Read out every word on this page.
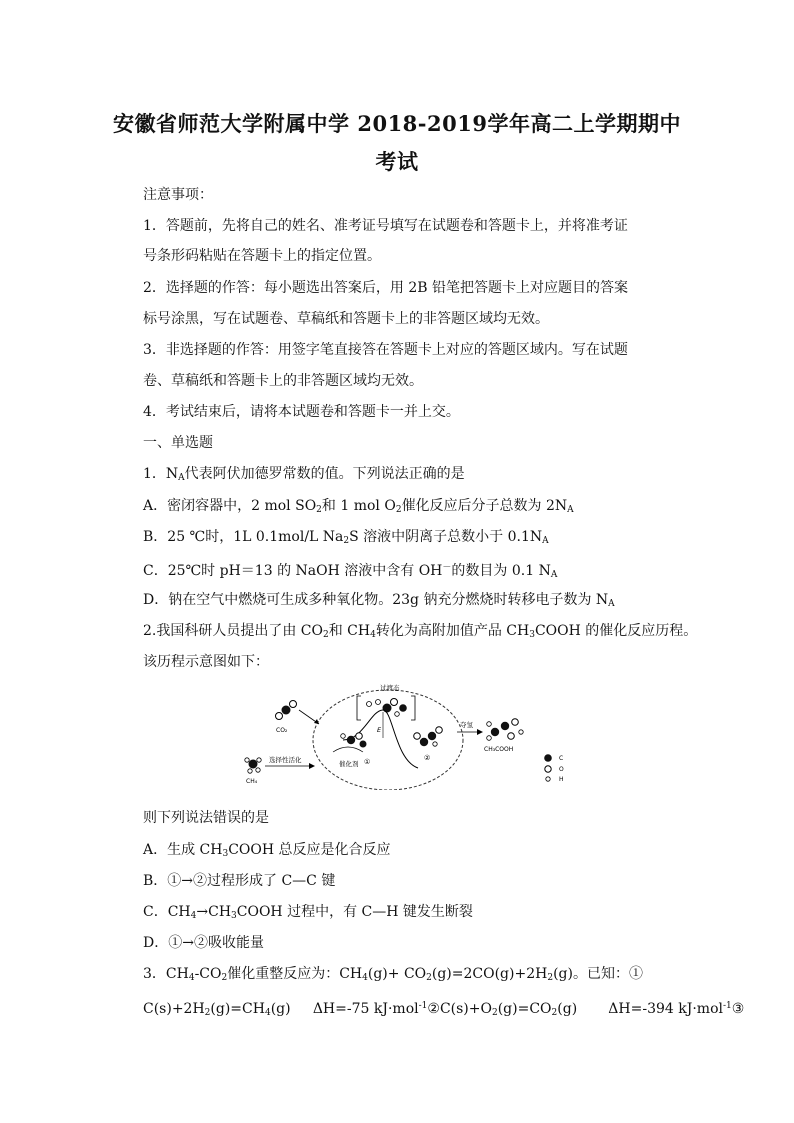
安徽省师范大学附属中学 2018-2019学年高二上学期期中
考试
注意事项：
1．答题前，先将自己的姓名、准考证号填写在试题卷和答题卡上，并将准考证
号条形码粘贴在答题卡上的指定位置。
2．选择题的作答：每小题选出答案后，用 2B 铅笔把答题卡上对应题目的答案
标号涂黑，写在试题卷、草稿纸和答题卡上的非答题区域均无效。
3．非选择题的作答：用签字笔直接答在答题卡上对应的答题区域内。写在试题
卷、草稿纸和答题卡上的非答题区域均无效。
4．考试结束后，请将本试题卷和答题卡一并上交。
一、单选题
1．$N_A$代表阿伏加德罗常数的值。下列说法正确的是
A．密闭容器中，2 mol $SO_2$和 1 mol $O_2$催化反应后分子总数为 $2N_A$
B．25 ℃时，1L 0.1mol/L $Na_2S$ 溶液中阴离子总数小于 $0.1N_A$
C．25℃时 pH＝13 的 NaOH 溶液中含有 OH－的数目为 0.1 $N_A$
D．钠在空气中燃烧可生成多种氧化物。23g 钠充分燃烧时转移电子数为 $N_A$
2.我国科研人员提出了由 $CO_2$和 $CH_4$转化为高附加值产品 $CH_3COOH$ 的催化反应历程。
该历程示意图如下：
CO₂
CH₄
选择性活化
过渡态
E
催化剂 ①	②
夺氢
CH₃COOH
C
O
H
则下列说法错误的是
A．生成 $CH_3COOH$ 总反应是化合反应
B．①→②过程形成了 C—C 键
C．$CH_4\to CH_3COOH$ 过程中，有 C—H 键发生断裂
D．①→②吸收能量
3．$CH_4-CO_2$催化重整反应为：$CH_4(g)+ CO_2(g)=2CO(g)+2H_2(g)$。已知：①
$C(s)+2H_2(g)=CH_4(g)$     ΔH=-75 $kJ\cdot mol^{-1}②C(s)+O_2(g)=CO_2(g)$       ΔH=-394 kJ·mol$^{-1}$③
